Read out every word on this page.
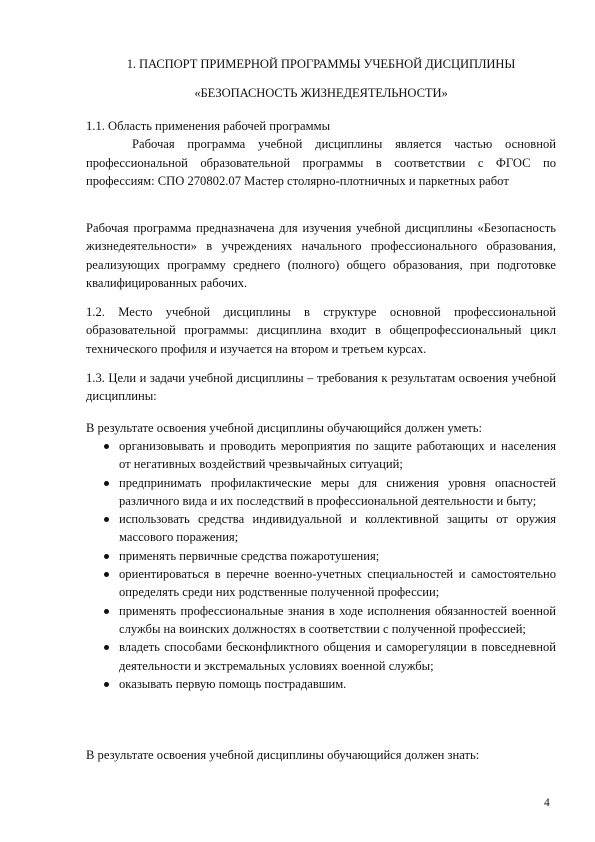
1. ПАСПОРТ ПРИМЕРНОЙ ПРОГРАММЫ УЧЕБНОЙ ДИСЦИПЛИНЫ
«БЕЗОПАСНОСТЬ ЖИЗНЕДЕЯТЕЛЬНОСТИ»
1.1. Область применения рабочей программы
Рабочая программа учебной дисциплины является частью основной профессиональной образовательной программы в соответствии с ФГОС по профессиям: СПО 270802.07 Мастер столярно-плотничных и паркетных работ
Рабочая программа предназначена для изучения учебной дисциплины «Безопасность жизнедеятельности» в учреждениях начального профессионального образования, реализующих программу среднего (полного) общего образования, при подготовке квалифицированных рабочих.
1.2. Место учебной дисциплины в структуре основной профессиональной образовательной программы: дисциплина входит в общепрофессиональный цикл технического профиля и изучается на втором и третьем курсах.
1.3. Цели и задачи учебной дисциплины – требования к результатам освоения учебной дисциплины:
В результате освоения учебной дисциплины обучающийся должен уметь:
организовывать и проводить мероприятия по защите работающих и населения от негативных воздействий чрезвычайных ситуаций;
предпринимать профилактические меры для снижения уровня опасностей различного вида и их последствий в профессиональной деятельности и быту;
использовать средства индивидуальной и коллективной защиты от оружия массового поражения;
применять первичные средства пожаротушения;
ориентироваться в перечне военно-учетных специальностей и самостоятельно определять среди них родственные полученной профессии;
применять профессиональные знания в ходе исполнения обязанностей военной службы на воинских должностях в соответствии с полученной профессией;
владеть способами бесконфликтного общения и саморегуляции в повседневной деятельности и экстремальных условиях военной службы;
оказывать первую помощь пострадавшим.
В результате освоения учебной дисциплины обучающийся должен знать:
4
